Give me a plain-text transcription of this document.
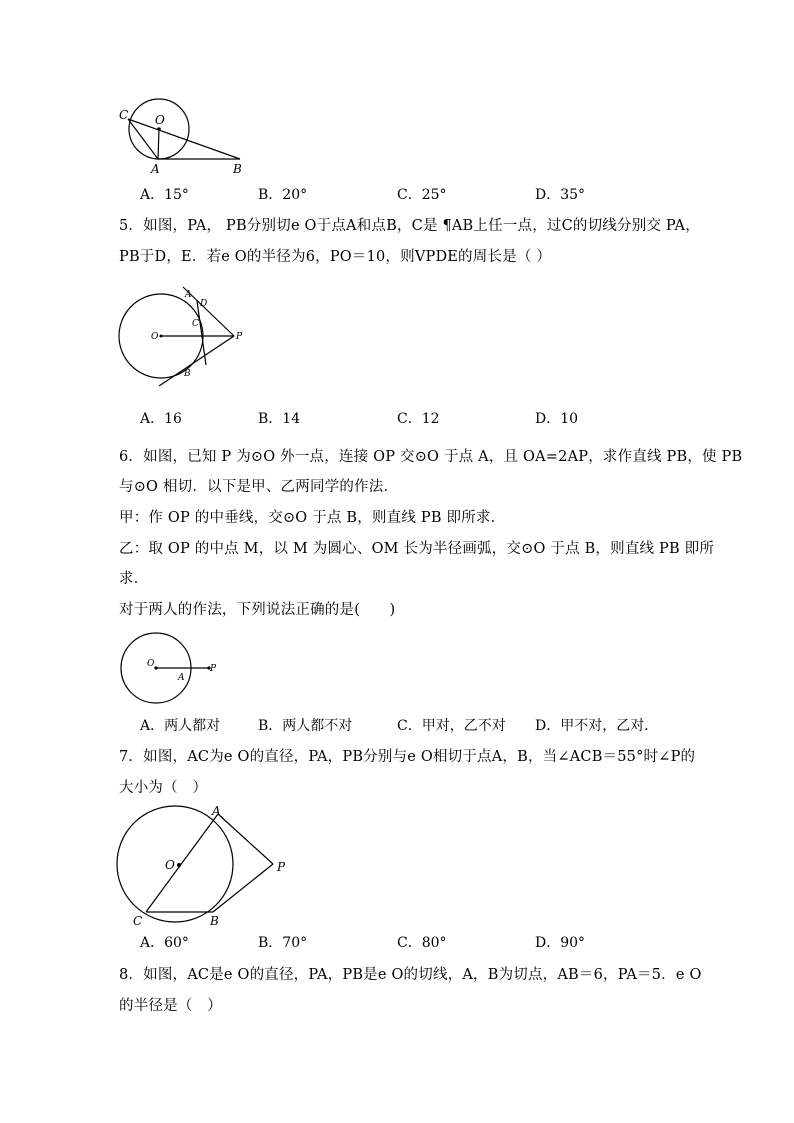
C O
A	B
A．15°	B．20°	C．25°	D．35°
5．如图，PA， PB分别切e O于点A和点B，C是 ¶AB上任一点，过C的切线分别交 PA，
PB于D，E．若e O的半径为6，PO＝10，则VPDE的周长是（ ）
O
A
D
C
P
B
A．16	B．14	C．12	D．10
6．如图，已知 P 为⊙O 外一点，连接 OP 交⊙O 于点 A，且 OA=2AP，求作直线 PB，使 PB
与⊙O 相切．以下是甲、乙两同学的作法．
甲：作 OP 的中垂线，交⊙O 于点 B，则直线 PB 即所求．
乙：取 OP 的中点 M，以 M 为圆心、OM 长为半径画弧，交⊙O 于点 B，则直线 PB 即所
求．
对于两人的作法，下列说法正确的是(　　)
O
A
P
A．两人都对	B．两人都不对	C．甲对，乙不对 D．甲不对，乙对．
7．如图，AC为e O的直径，PA，PB分别与e O相切于点A，B，当∠ACB＝55°时∠P的
大小为（　）
A
O	P
C	B
A．60°	B．70°	C．80°	D．90°
8．如图，AC是e O的直径，PA，PB是e O的切线，A，B为切点，AB＝6，PA＝5．e O
的半径是（　）
